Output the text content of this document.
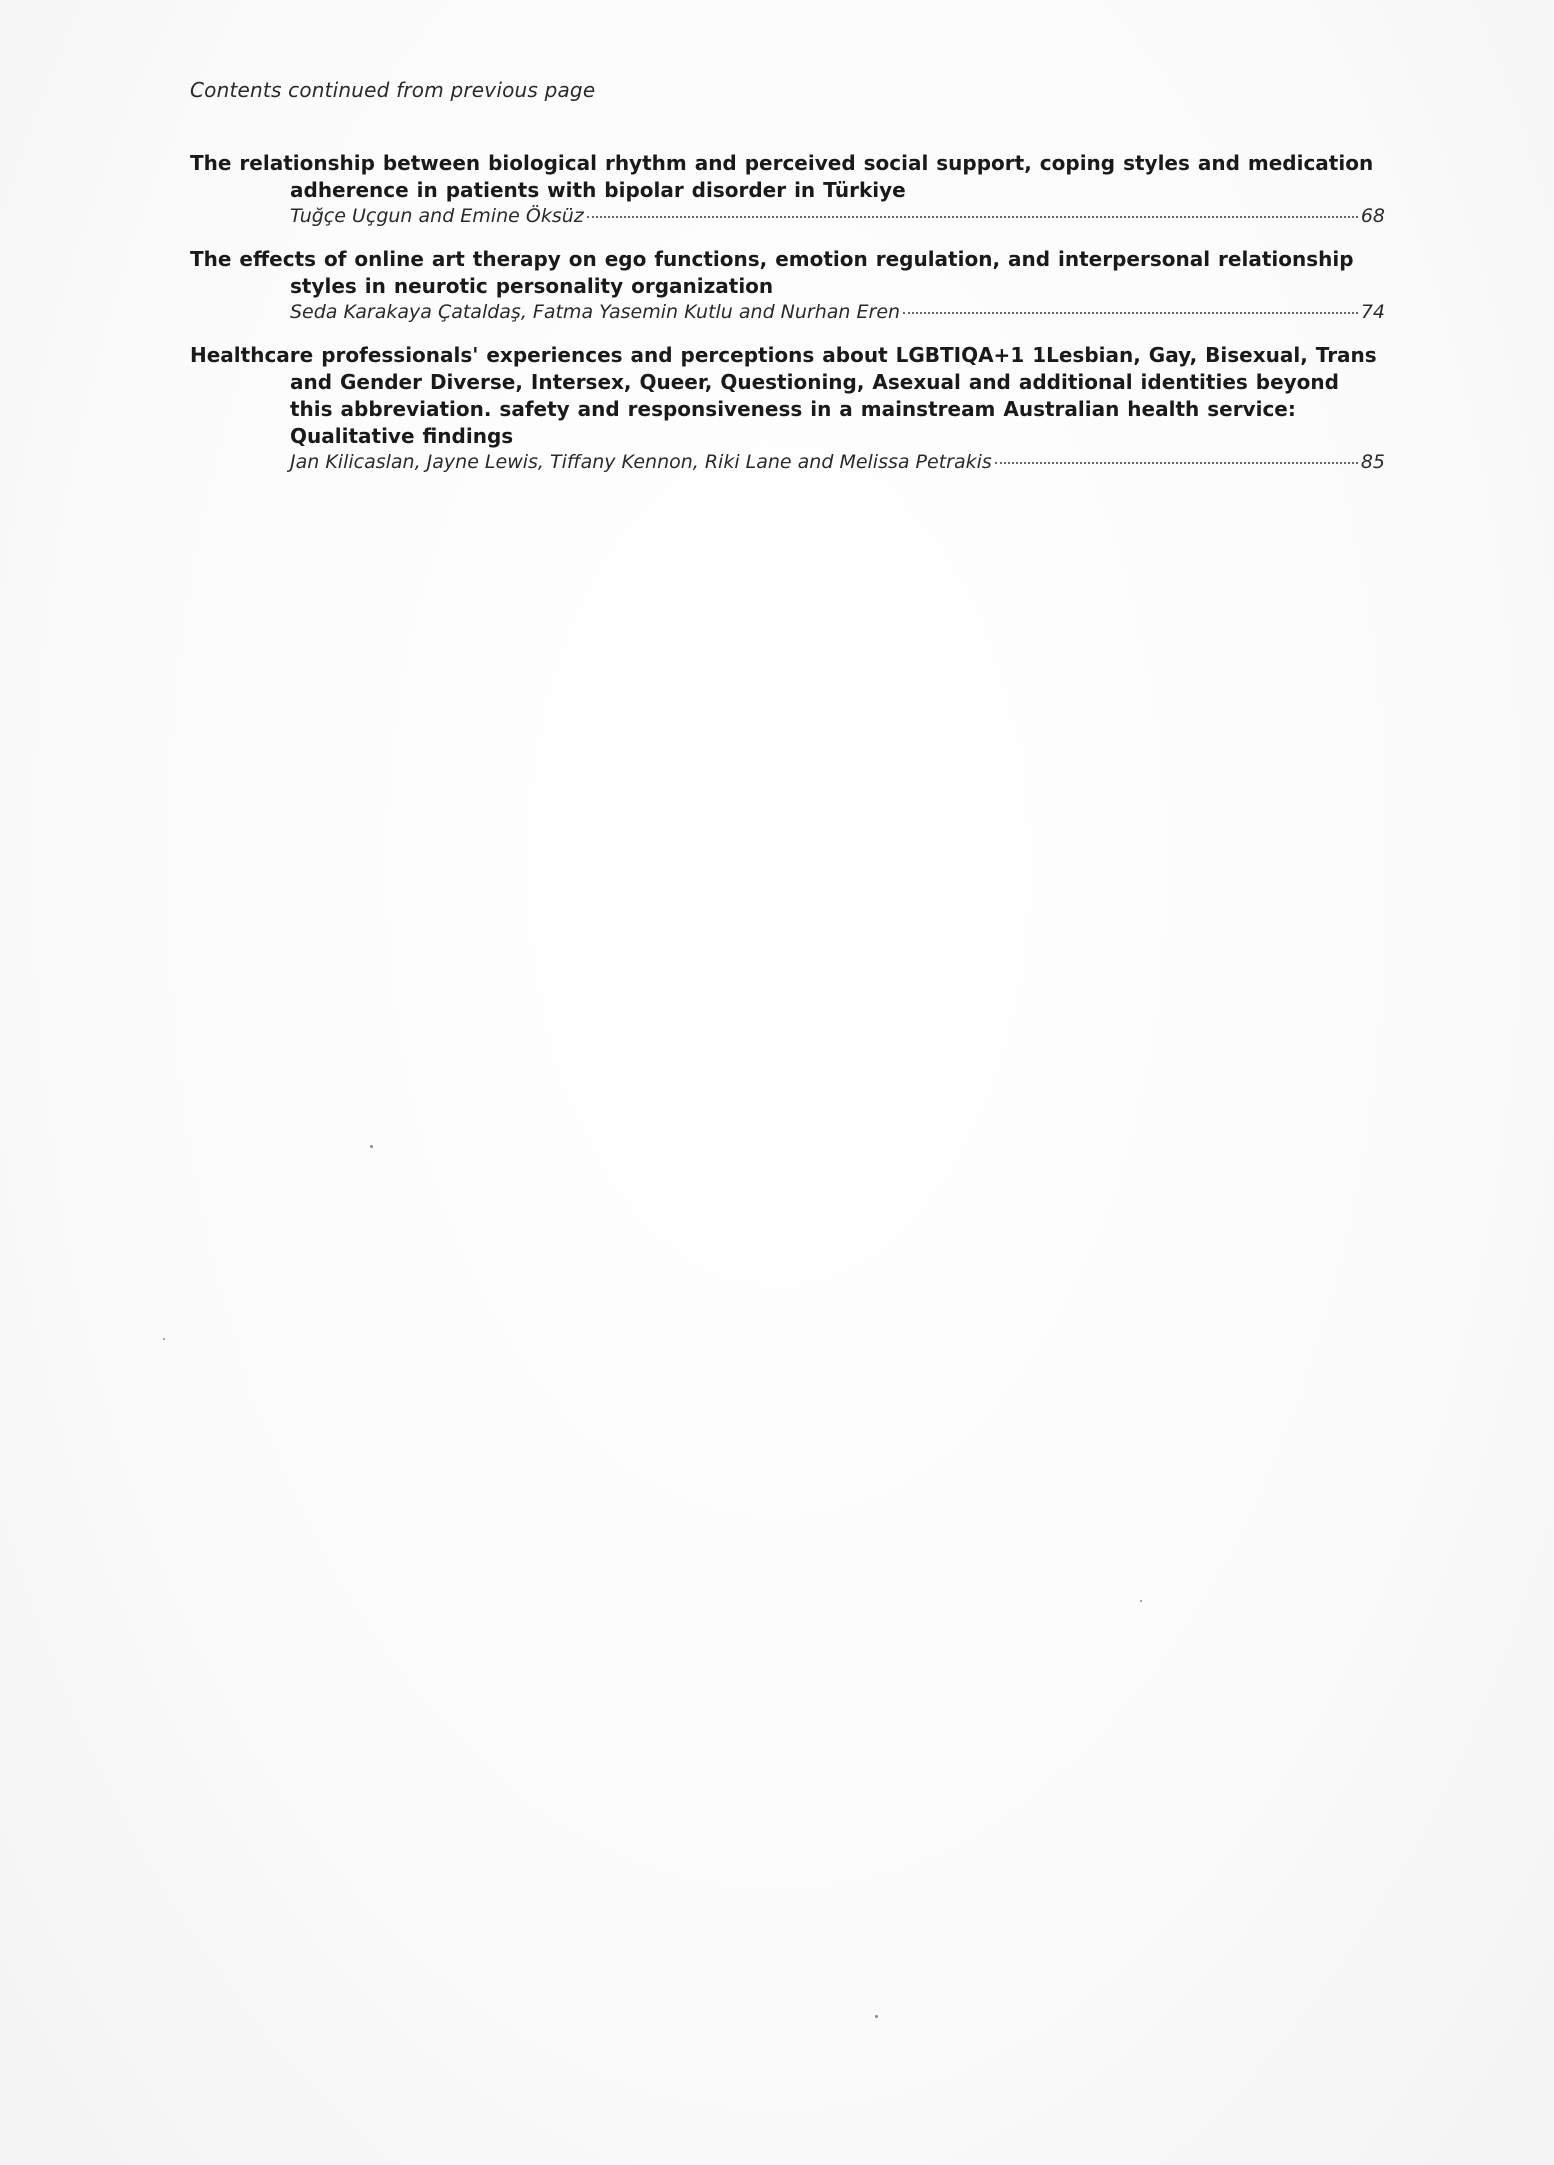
Contents continued from previous page
The relationship between biological rhythm and perceived social support, coping styles and medication adherence in patients with bipolar disorder in Türkiye
Tuğçe Uçgun and Emine Öksüz	68
The effects of online art therapy on ego functions, emotion regulation, and interpersonal relationship styles in neurotic personality organization
Seda Karakaya Çataldaş, Fatma Yasemin Kutlu and Nurhan Eren	74
Healthcare professionals' experiences and perceptions about LGBTIQA+1 1Lesbian, Gay, Bisexual, Trans and Gender Diverse, Intersex, Queer, Questioning, Asexual and additional identities beyond this abbreviation. safety and responsiveness in a mainstream Australian health service: Qualitative findings
Jan Kilicaslan, Jayne Lewis, Tiffany Kennon, Riki Lane and Melissa Petrakis	85
